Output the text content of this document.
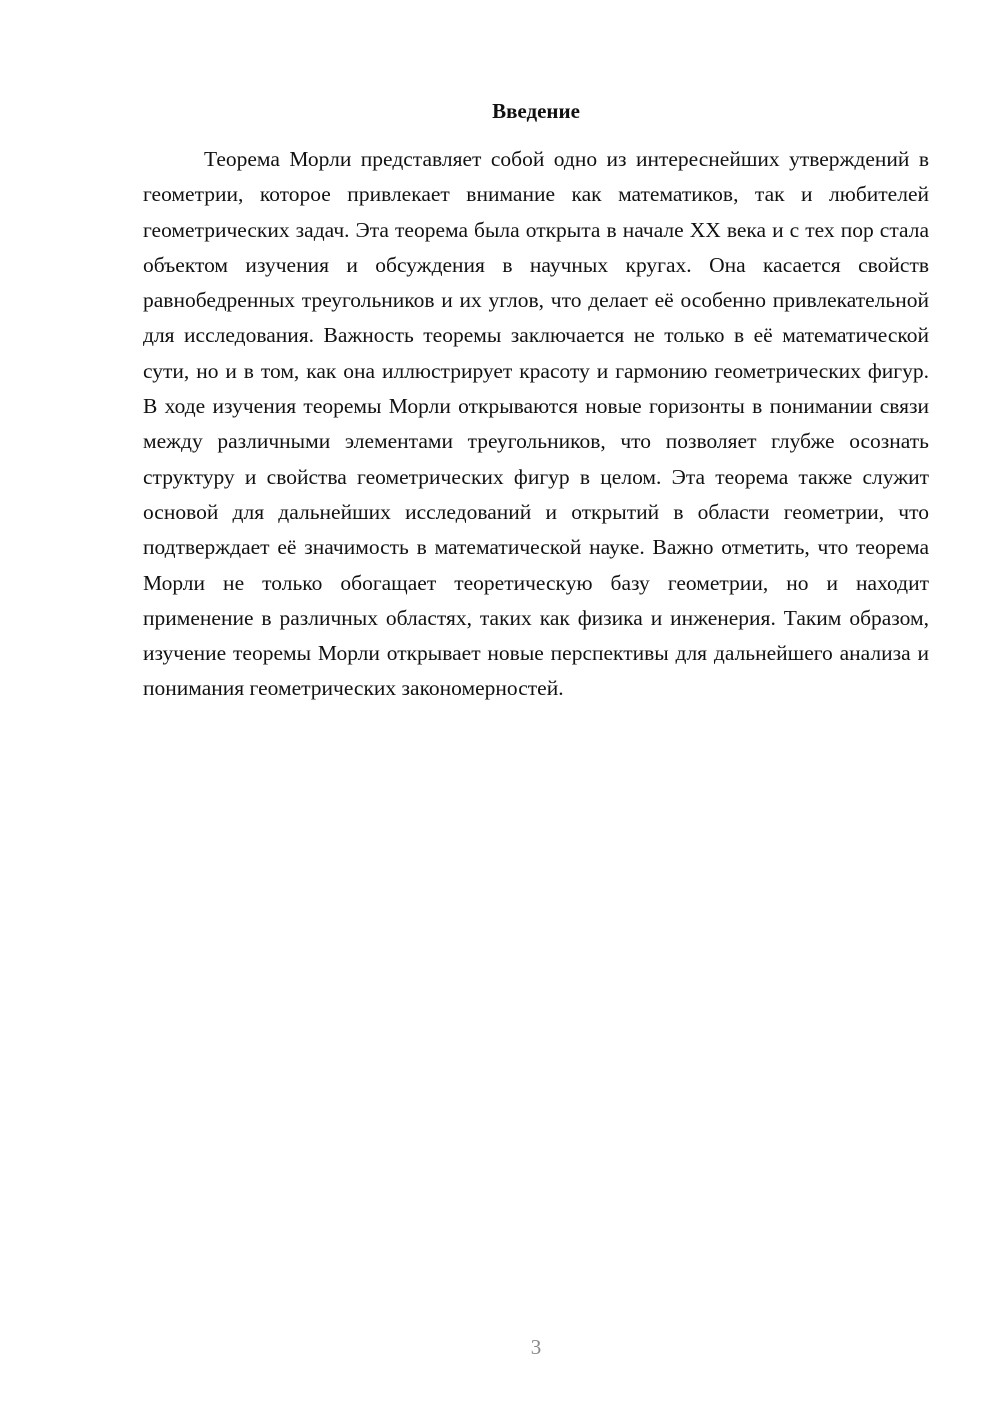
Введение

Теорема Морли представляет собой одно из интереснейших утверждений в геометрии, которое привлекает внимание как математиков, так и любителей геометрических задач. Эта теорема была открыта в начале XX века и с тех пор стала объектом изучения и обсуждения в научных кругах. Она касается свойств равнобедренных треугольников и их углов, что делает её особенно привлекательной для исследования. Важность теоремы заключается не только в её математической сути, но и в том, как она иллюстрирует красоту и гармонию геометрических фигур. В ходе изучения теоремы Морли открываются новые горизонты в понимании связи между различными элементами треугольников, что позволяет глубже осознать структуру и свойства геометрических фигур в целом. Эта теорема также служит основой для дальнейших исследований и открытий в области геометрии, что подтверждает её значимость в математической науке. Важно отметить, что теорема Морли не только обогащает теоретическую базу геометрии, но и находит применение в различных областях, таких как физика и инженерия. Таким образом, изучение теоремы Морли открывает новые перспективы для дальнейшего анализа и понимания геометрических закономерностей.

3
